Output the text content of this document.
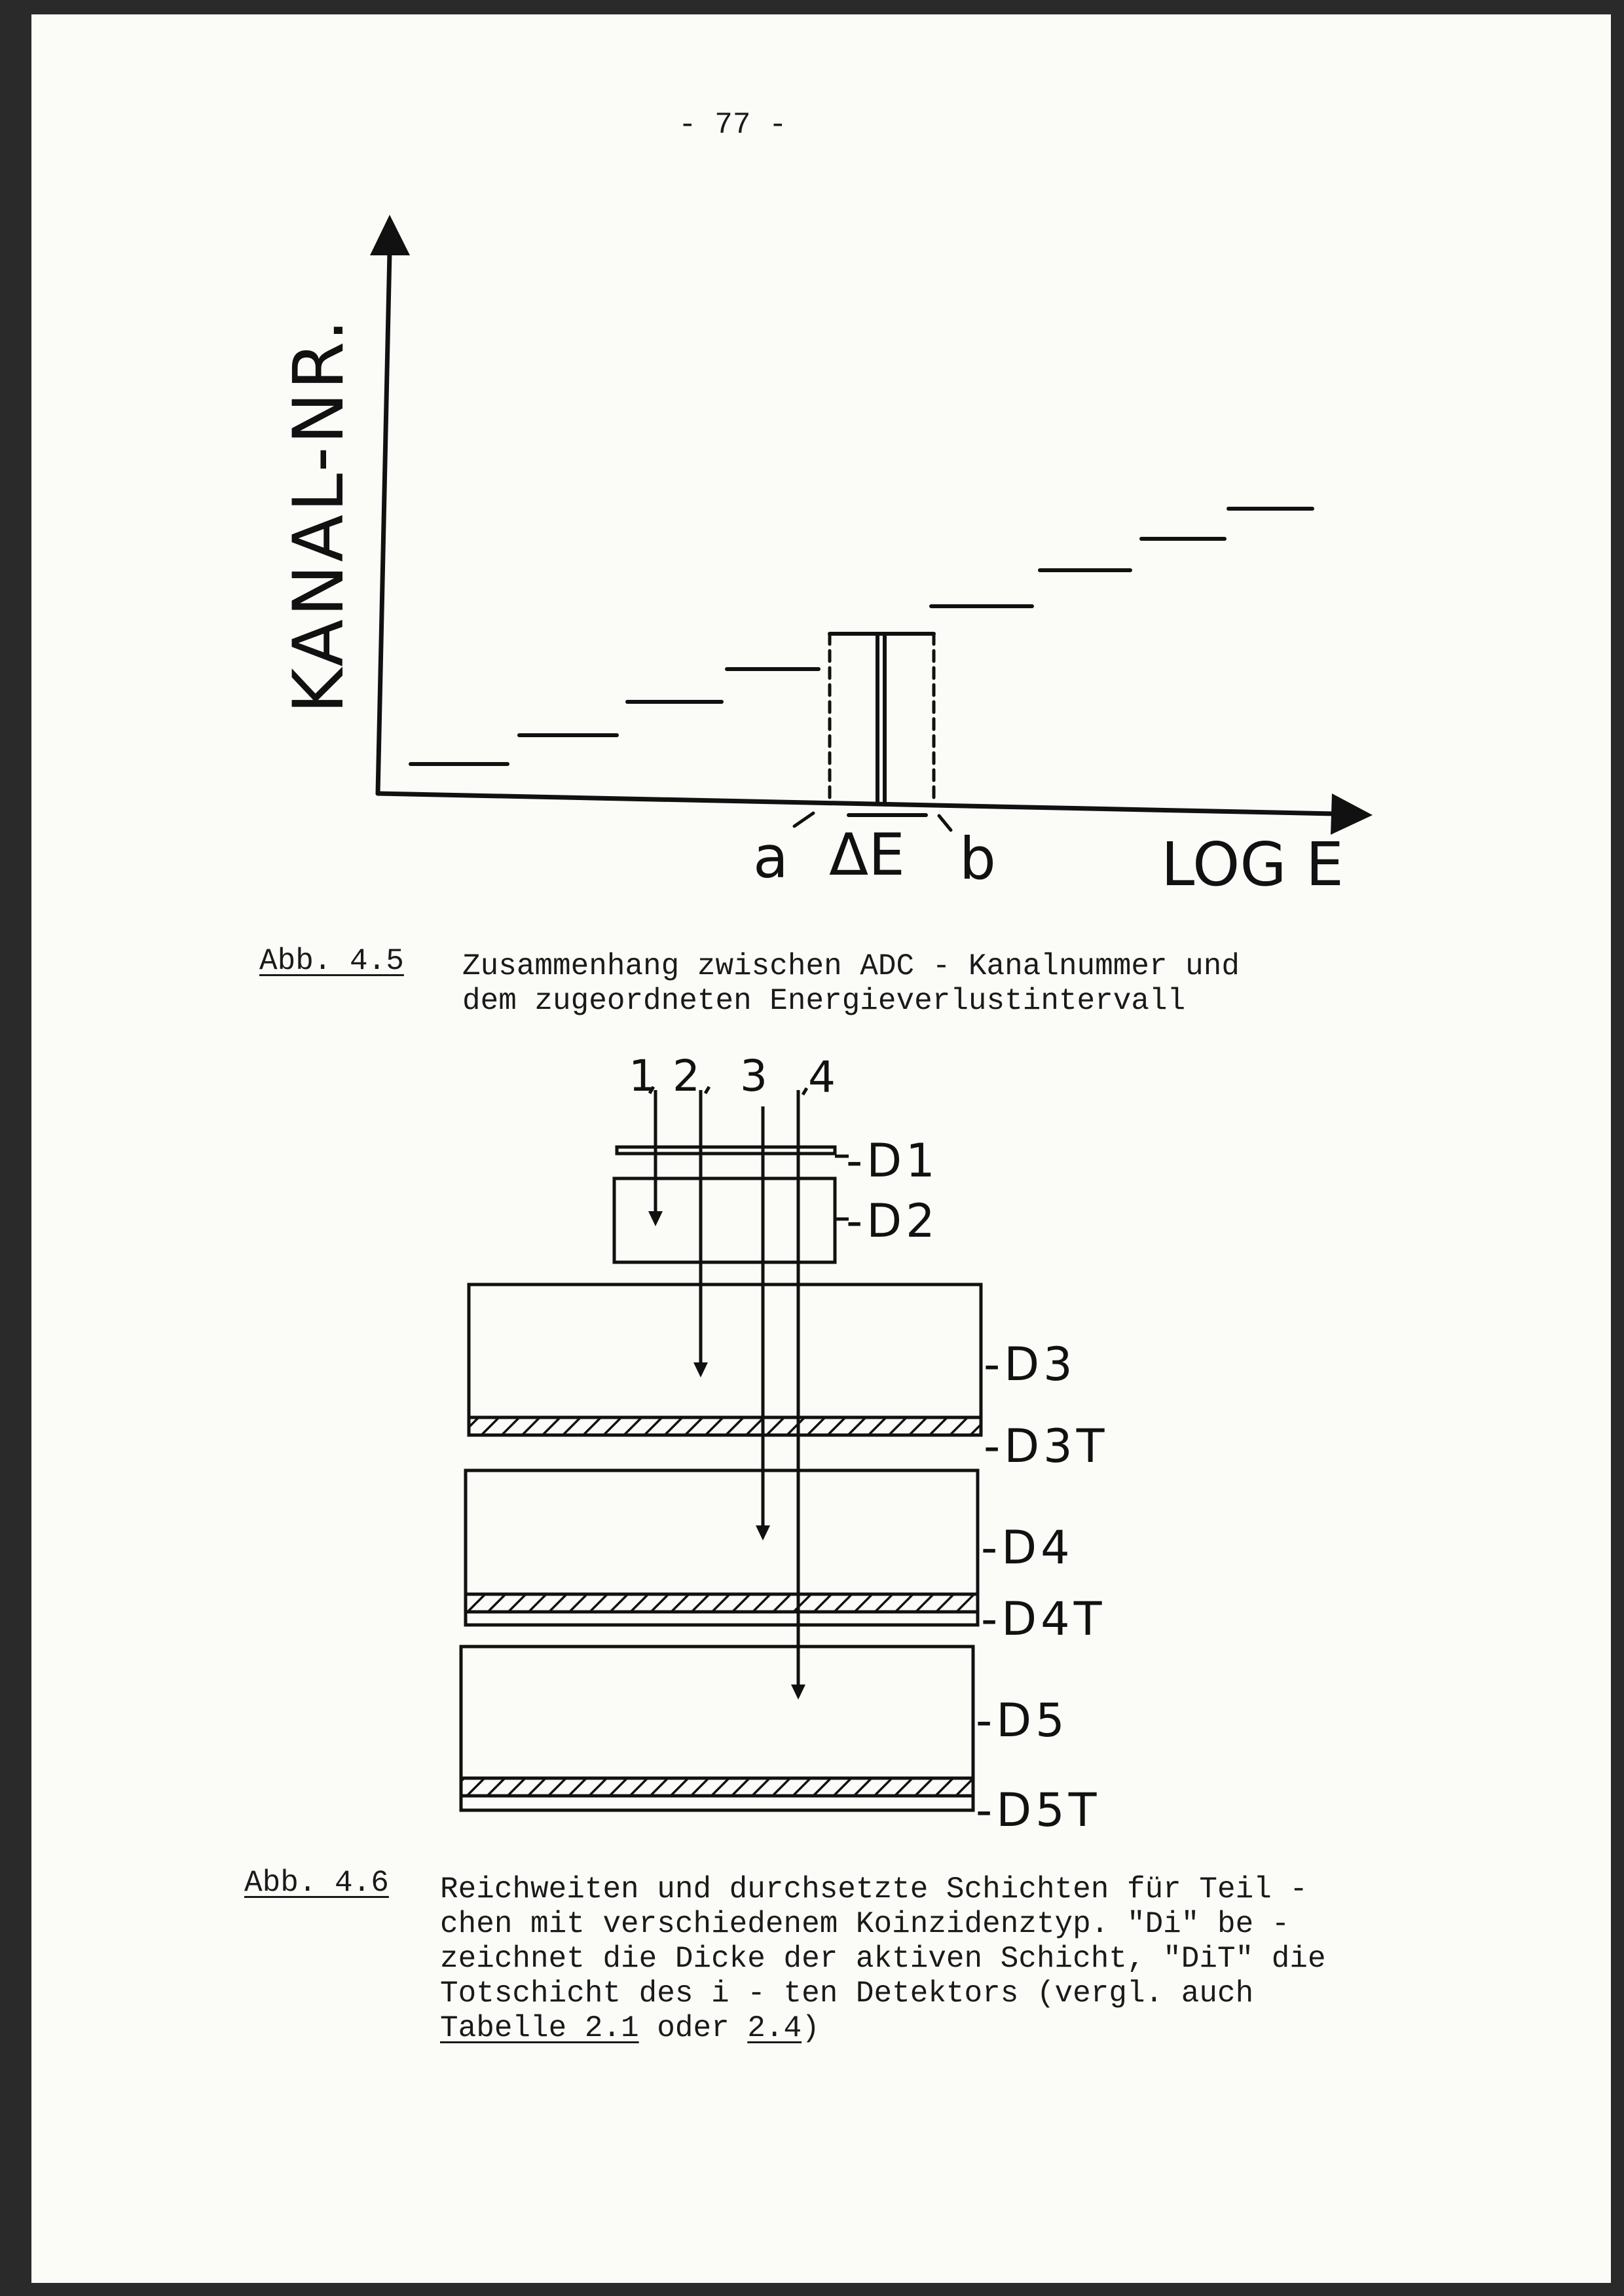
KANAL-NR.
LOG E
a ΔE b
1 2 3 4
-D1
-D2
-D3
-D3T
-D4
-D4T
-D5
-D5T
- 77 -
Abb. 4.5 Zusammenhang zwischen ADC - Kanalnummer und
dem zugeordneten Energieverlustintervall
Abb. 4.6 Reichweiten und durchsetzte Schichten für Teil -
chen mit verschiedenem Koinzidenztyp. "Di" be -
zeichnet die Dicke der aktiven Schicht, "DiT" die
Totschicht des i - ten Detektors (vergl. auch
Tabelle 2.1 oder 2.4)
